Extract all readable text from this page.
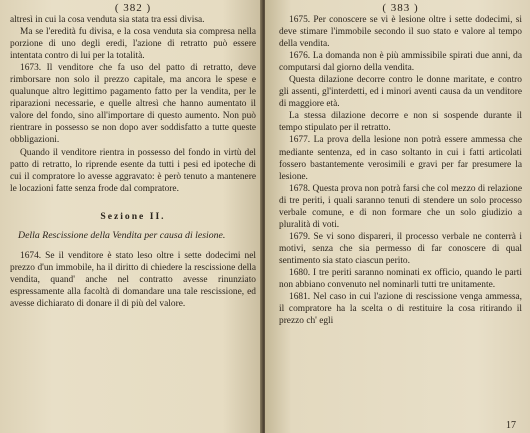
( 382 )

altresì in cui la cosa venduta sia stata tra essi divisa.

Ma se l'eredità fu divisa, e la cosa venduta sia compresa nella porzione di uno degli eredi, l'azione di retratto può essere intentata contro di lui per la totalità.

1673. Il venditore che fa uso del patto di retratto, deve rimborsare non solo il prezzo capitale, ma ancora le spese e qualunque altro legittimo pagamento fatto per la vendita, per le riparazioni necessarie, e quelle altresì che hanno aumentato il valore del fondo, sino all'importare di questo aumento. Non può rientrare in possesso se non dopo aver soddisfatto a tutte queste obbligazioni.

Quando il venditore rientra in possesso del fondo in virtù del patto di retratto, lo riprende esente da tutti i pesi ed ipoteche di cui il compratore lo avesse aggravato: è però tenuto a mantenere le locazioni fatte senza frode dal compratore.

Sezione II.
Della Rescissione della Vendita per causa di lesione.

1674. Se il venditore è stato leso oltre i sette dodecimi nel prezzo d'un immobile, ha il diritto di chiedere la rescissione della vendita, quand' anche nel contratto avesse rinunziato espressamente alla facoltà di domandare una tale rescissione, ed avesse dichiarato di donare il di più del valore.

( 383 )

1675. Per conoscere se vi è lesione oltre i sette dodecimi, si deve stimare l'immobile secondo il suo stato e valore al tempo della vendita.

1676. La domanda non è più ammissibile spirati due anni, da computarsi dal giorno della vendita.

Questa dilazione decorre contro le donne maritate, e contro gli assenti, gl'interdetti, ed i minori aventi causa da un venditore di maggiore età.

La stessa dilazione decorre e non si sospende durante il tempo stipulato per il retratto.

1677. La prova della lesione non potrà essere ammessa che mediante sentenza, ed in caso soltanto in cui i fatti articolati fossero bastantemente verosimili e gravi per far presumere la lesione.

1678. Questa prova non potrà farsi che col mezzo di relazione di tre periti, i quali saranno tenuti di stendere un solo processo verbale comune, e di non formare che un solo giudizio a pluralità di voti.

1679. Se vi sono dispareri, il processo verbale ne conterrà i motivi, senza che sia permesso di far conoscere di qual sentimento sia stato ciascun perito.

1680. I tre periti saranno nominati ex officio, quando le parti non abbiano convenuto nel nominarli tutti tre unitamente.

1681. Nel caso in cui l'azione di rescissione venga ammessa, il compratore ha la scelta o di restituire la cosa ritirando il prezzo ch' egli

17
